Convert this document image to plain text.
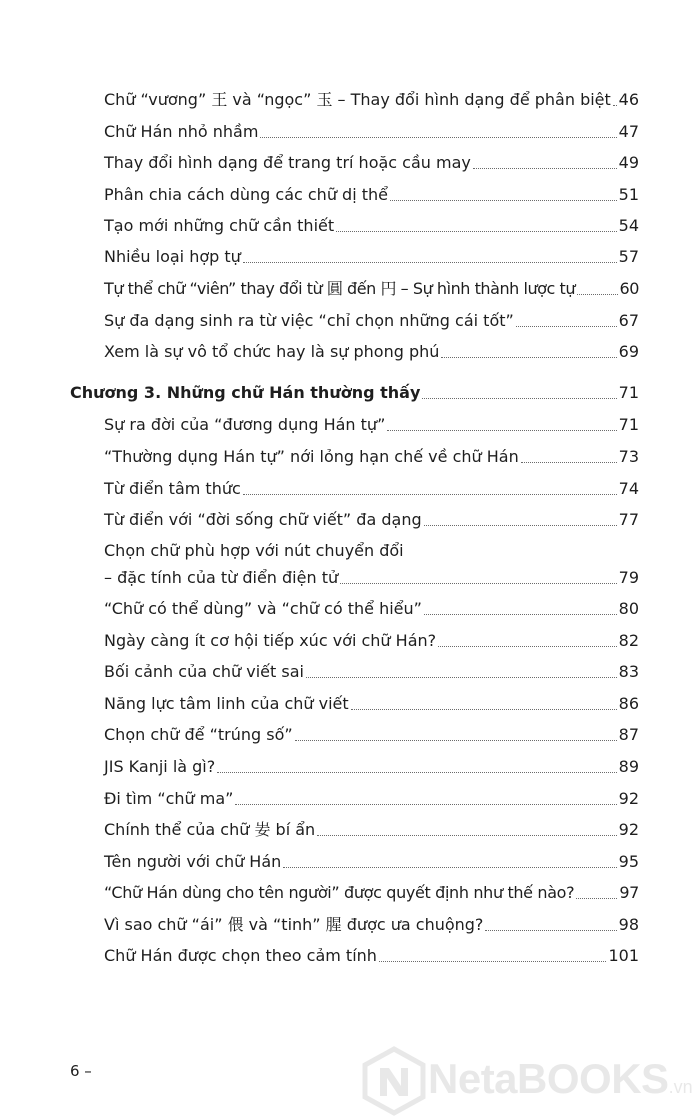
Chữ “vương” 王 và “ngọc” 玉 – Thay đổi hình dạng để phân biệt 46
Chữ Hán nhỏ nhầm	47
Thay đổi hình dạng để trang trí hoặc cầu may	49
Phân chia cách dùng các chữ dị thể	51
Tạo mới những chữ cần thiết	54
Nhiều loại hợp tự	57
Tự thể chữ “viên” thay đổi từ 圓 đến 円 – Sự hình thành lược tự	60
Sự đa dạng sinh ra từ việc “chỉ chọn những cái tốt”	67
Xem là sự vô tổ chức hay là sự phong phú	69
Chương 3. Những chữ Hán thường thấy	71
Sự ra đời của “đương dụng Hán tự”	71
“Thường dụng Hán tự” nới lỏng hạn chế về chữ Hán	73
Từ điển tâm thức	74
Từ điển với “đời sống chữ viết” đa dạng	77
Chọn chữ phù hợp với nút chuyển đổi
– đặc tính của từ điển điện tử	79
“Chữ có thể dùng” và “chữ có thể hiểu”	80
Ngày càng ít cơ hội tiếp xúc với chữ Hán?	82
Bối cảnh của chữ viết sai	83
Năng lực tâm linh của chữ viết	86
Chọn chữ để “trúng số”	87
JIS Kanji là gì?	89
Đi tìm “chữ ma”	92
Chính thể của chữ 妛 bí ẩn	92
Tên người với chữ Hán	95
“Chữ Hán dùng cho tên người” được quyết định như thế nào?	97
Vì sao chữ “ái” 偎 và “tinh” 腥 được ưa chuộng?	98
Chữ Hán được chọn theo cảm tính	101
6 –	NetaBOOKS.vn
